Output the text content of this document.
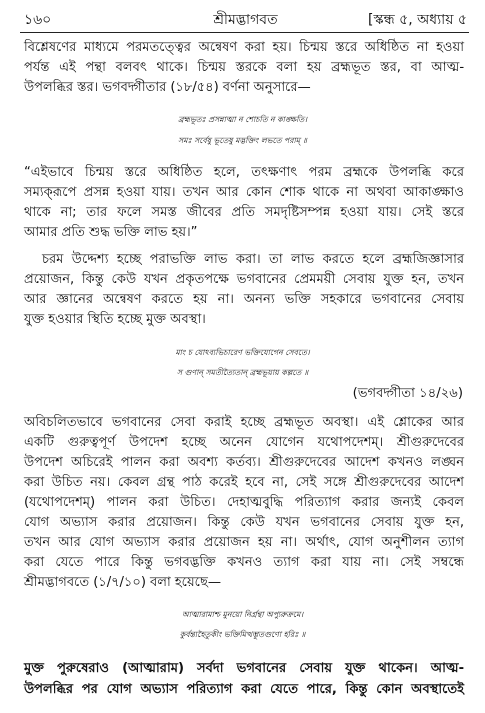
১৬০	শ্রীমদ্ভাগবত	[স্কন্ধ ৫, অধ্যায় ৫
বিশ্লেষণের মাধ্যমে পরমতত্ত্বের অন্বেষণ করা হয়। চিন্ময় স্তরে অধিষ্ঠিত না হওয়া
পর্যন্ত এই পন্থা বলবৎ থাকে। চিন্ময় স্তরকে বলা হয় ব্রহ্মভূত স্তর, বা আত্ম-
উপলব্ধির স্তর। ভগবদ্গীতার (১৮/৫৪) বর্ণনা অনুসারে—
ব্রহ্মভূতঃ প্রসন্নাত্মা ন শোচতি ন কাঙ্ক্ষতি।
সমঃ সর্বেষু ভূতেষু মদ্ভক্তিং লভতে পরাম্‌ ॥
“এইভাবে চিন্ময় স্তরে অধিষ্ঠিত হলে, তৎক্ষণাৎ পরম ব্রহ্মকে উপলব্ধি করে
সম্যক্‌রূপে প্রসন্ন হওয়া যায়। তখন আর কোন শোক থাকে না অথবা আকাঙ্ক্ষাও
থাকে না; তার ফলে সমস্ত জীবের প্রতি সমদৃষ্টিসম্পন্ন হওয়া যায়। সেই স্তরে
আমার প্রতি শুদ্ধ ভক্তি লাভ হয়।”
চরম উদ্দেশ্য হচ্ছে পরাভক্তি লাভ করা। তা লাভ করতে হলে ব্রহ্মজিজ্ঞাসার
প্রয়োজন, কিন্তু কেউ যখন প্রকৃতপক্ষে ভগবানের প্রেমময়ী সেবায় যুক্ত হন, তখন
আর জ্ঞানের অন্বেষণ করতে হয় না। অনন্য ভক্তি সহকারে ভগবানের সেবায়
যুক্ত হওয়ার স্থিতি হচ্ছে মুক্ত অবস্থা।
মাং চ যোঽব্যভিচারেণ ভক্তিযোগেন সেবতে।
স গুণান্‌ সমতীত্যৈতান্‌ ব্রহ্মভূয়ায় কল্পতে ॥
(ভগবদ্গীতা ১৪/২৬)
অবিচলিতভাবে ভগবানের সেবা করাই হচ্ছে ব্রহ্মভূত অবস্থা। এই শ্লোকের আর
একটি গুরুত্বপূর্ণ উপদেশ হচ্ছে অনেন যোগেন যথোপদেশম্‌। শ্রীগুরুদেবের
উপদেশ অচিরেই পালন করা অবশ্য কর্তব্য। শ্রীগুরুদেবের আদেশ কখনও লঙ্ঘন
করা উচিত নয়। কেবল গ্রন্থ পাঠ করেই হবে না, সেই সঙ্গে শ্রীগুরুদেবের আদেশ
(যথোপদেশম্‌) পালন করা উচিত। দেহাত্মবুদ্ধি পরিত্যাগ করার জন্যই কেবল
যোগ অভ্যাস করার প্রয়োজন। কিন্তু কেউ যখন ভগবানের সেবায় যুক্ত হন,
তখন আর যোগ অভ্যাস করার প্রয়োজন হয় না। অর্থাৎ, যোগ অনুশীলন ত্যাগ
করা যেতে পারে কিন্তু ভগবদ্ভক্তি কখনও ত্যাগ করা যায় না। সেই সম্বন্ধে
শ্রীমদ্ভাগবতে (১/৭/১০) বলা হয়েছে—
আত্মারামাশ্চ মুনয়ো নির্গ্রন্থা অপ্যুরুক্রমে।
কুর্বন্ত্যহৈতুকীং ভক্তিমিত্থম্ভূতগুণো হরিঃ ॥
মুক্ত পুরুষেরাও (আত্মারাম) সর্বদা ভগবানের সেবায় যুক্ত থাকেন। আত্ম-
উপলব্ধির পর যোগ অভ্যাস পরিত্যাগ করা যেতে পারে, কিন্তু কোন অবস্থাতেই
